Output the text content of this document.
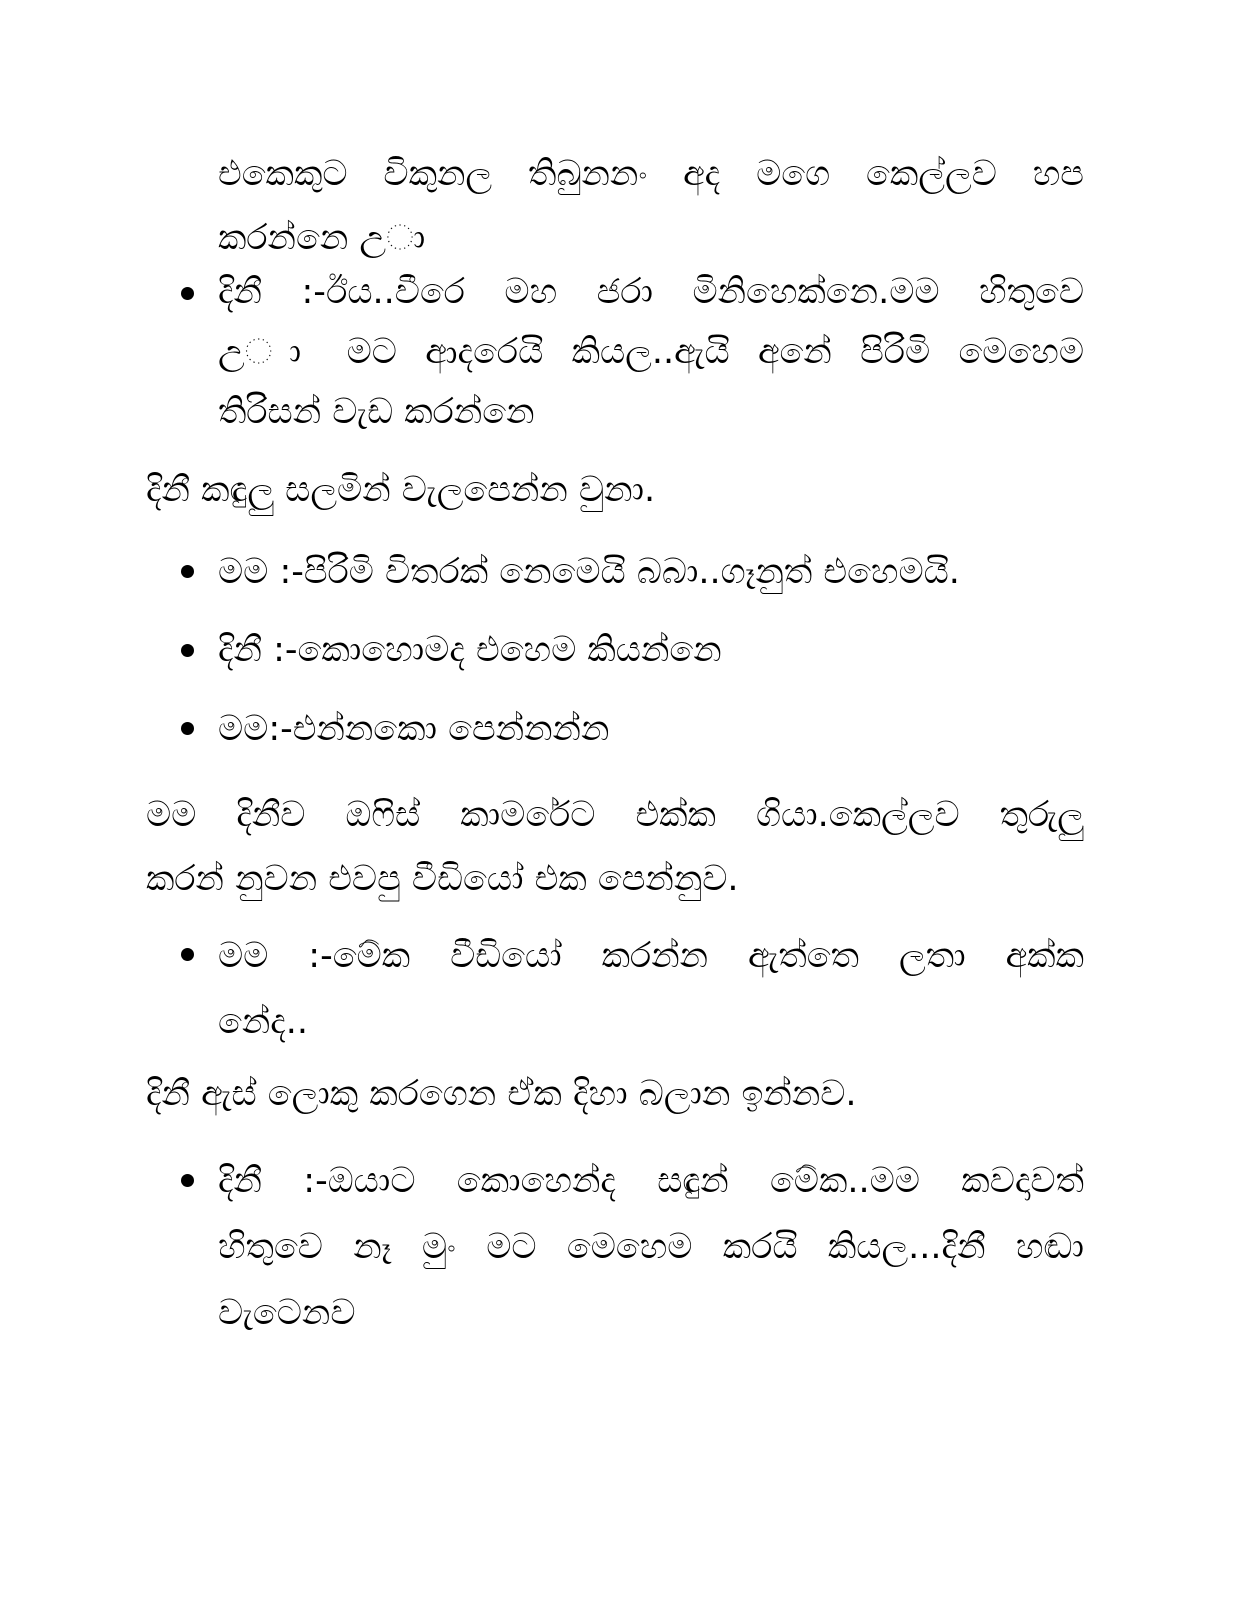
එකෙකුට විකුනල තිබුනනං අද මගෙ කෙල්ලව හප
කරන්නෙ උ◌ා
දිනී :-ඊය..වීරෙ මහ ජරා මිනිහෙක්නෙ.මම හිතුවෙ
උ◌ා මට ආදරෙයි කියල..ඇයි අනේ පිරිමි මෙහෙම
තිරිසන් වැඩ කරන්නෙ
දිනී කඳුලු සලමින් වැලපෙන්න වුනා.
මම :-පිරිමි විතරක් නෙමෙයි බබා..ගෑනුත් එහෙමයි.
දිනී :-කොහොමද එහෙම කියන්නෙ
මම:-එන්නකො පෙන්නන්න
මම දිනීව ඔෆිස් කාමරේට එක්ක ගියා.කෙල්ලව තුරුලු
කරන් නුවන එවපු වීඩියෝ එක පෙන්නුව.
මම :-මේක වීඩියෝ කරන්න ඇත්තෙ ලතා අක්ක
නේද..
දිනී ඇස් ලොකු කරගෙන ඒක දිහා බලාන ඉන්නව.
දිනී :-ඔයාට කොහෙන්ද සඳුන් මේක..මම කවදාවත්
හිතුවෙ නෑ මුං මට මෙහෙම කරයි කියල...දිනී හඬා
වැටෙනව
